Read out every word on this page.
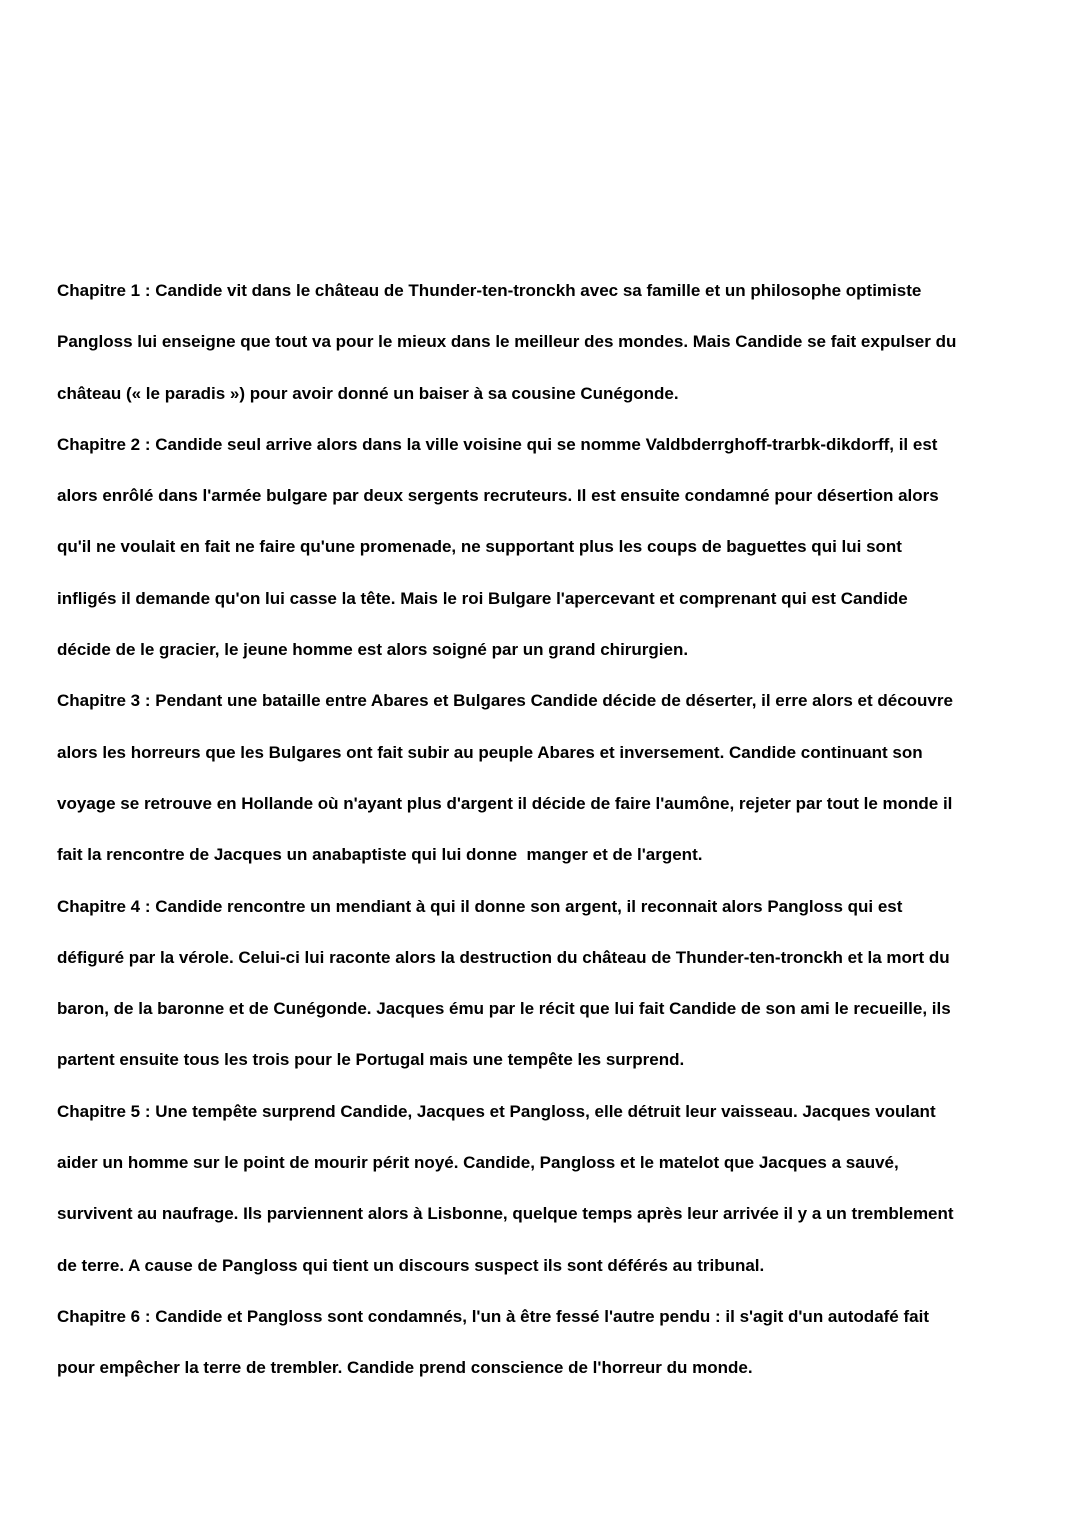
Chapitre 1 : Candide vit dans le château de Thunder-ten-tronckh avec sa famille et un philosophe optimiste
Pangloss lui enseigne que tout va pour le mieux dans le meilleur des mondes. Mais Candide se fait expulser du
château (« le paradis ») pour avoir donné un baiser à sa cousine Cunégonde.
Chapitre 2 : Candide seul arrive alors dans la ville voisine qui se nomme Valdbderrghoff-trarbk-dikdorff, il est
alors enrôlé dans l'armée bulgare par deux sergents recruteurs. Il est ensuite condamné pour désertion alors
qu'il ne voulait en fait ne faire qu'une promenade, ne supportant plus les coups de baguettes qui lui sont
infligés il demande qu'on lui casse la tête. Mais le roi Bulgare l'apercevant et comprenant qui est Candide
décide de le gracier, le jeune homme est alors soigné par un grand chirurgien.
Chapitre 3 : Pendant une bataille entre Abares et Bulgares Candide décide de déserter, il erre alors et découvre
alors les horreurs que les Bulgares ont fait subir au peuple Abares et inversement. Candide continuant son
voyage se retrouve en Hollande où n'ayant plus d'argent il décide de faire l'aumône, rejeter par tout le monde il
fait la rencontre de Jacques un anabaptiste qui lui donne  manger et de l'argent.
Chapitre 4 : Candide rencontre un mendiant à qui il donne son argent, il reconnait alors Pangloss qui est
défiguré par la vérole. Celui-ci lui raconte alors la destruction du château de Thunder-ten-tronckh et la mort du
baron, de la baronne et de Cunégonde. Jacques ému par le récit que lui fait Candide de son ami le recueille, ils
partent ensuite tous les trois pour le Portugal mais une tempête les surprend.
Chapitre 5 : Une tempête surprend Candide, Jacques et Pangloss, elle détruit leur vaisseau. Jacques voulant
aider un homme sur le point de mourir périt noyé. Candide, Pangloss et le matelot que Jacques a sauvé,
survivent au naufrage. Ils parviennent alors à Lisbonne, quelque temps après leur arrivée il y a un tremblement
de terre. A cause de Pangloss qui tient un discours suspect ils sont déférés au tribunal.
Chapitre 6 : Candide et Pangloss sont condamnés, l'un à être fessé l'autre pendu : il s'agit d'un autodafé fait
pour empêcher la terre de trembler. Candide prend conscience de l'horreur du monde.
